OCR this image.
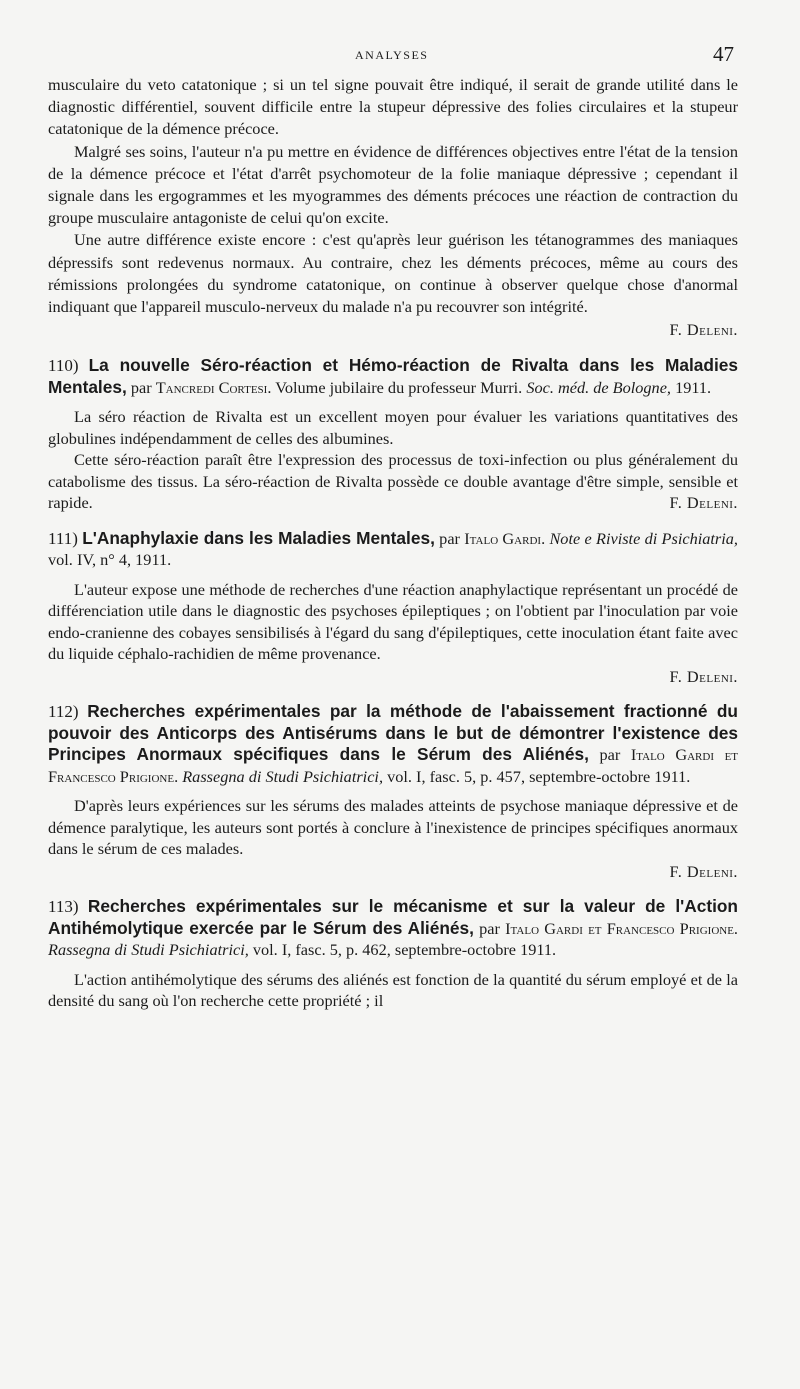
ANALYSES	47

musculaire du veto catatonique ; si un tel signe pouvait être indiqué, il serait de grande utilité dans le diagnostic différentiel, souvent difficile entre la stupeur dépressive des folies circulaires et la stupeur catatonique de la démence précoce.

Malgré ses soins, l'auteur n'a pu mettre en évidence de différences objectives entre l'état de la tension de la démence précoce et l'état d'arrêt psychomoteur de la folie maniaque dépressive ; cependant il signale dans les ergogrammes et les myogrammes des déments précoces une réaction de contraction du groupe musculaire antagoniste de celui qu'on excite.

Une autre différence existe encore : c'est qu'après leur guérison les tétanogrammes des maniaques dépressifs sont redevenus normaux. Au contraire, chez les déments précoces, même au cours des rémissions prolongées du syndrome catatonique, on continue à observer quelque chose d'anormal indiquant que l'appareil musculo-nerveux du malade n'a pu recouvrer son intégrité.

F. Deleni.

110) La nouvelle Séro-réaction et Hémo-réaction de Rivalta dans les Maladies Mentales, par Tancredi Cortesi. Volume jubilaire du professeur Murri. Soc. méd. de Bologne, 1911.

La séro réaction de Rivalta est un excellent moyen pour évaluer les variations quantitatives des globulines indépendamment de celles des albumines.

Cette séro-réaction paraît être l'expression des processus de toxi-infection ou plus généralement du catabolisme des tissus. La séro-réaction de Rivalta possède ce double avantage d'être simple, sensible et rapide.	F. Deleni.

111) L'Anaphylaxie dans les Maladies Mentales, par Italo Gardi. Note e Riviste di Psichiatria, vol. IV, n° 4, 1911.

L'auteur expose une méthode de recherches d'une réaction anaphylactique représentant un procédé de différenciation utile dans le diagnostic des psychoses épileptiques ; on l'obtient par l'inoculation par voie endo-cranienne des cobayes sensibilisés à l'égard du sang d'épileptiques, cette inoculation étant faite avec du liquide céphalo-rachidien de même provenance.

F. Deleni.

112) Recherches expérimentales par la méthode de l'abaissement fractionné du pouvoir des Anticorps des Antisérums dans le but de démontrer l'existence des Principes Anormaux spécifiques dans le Sérum des Aliénés, par Italo Gardi et Francesco Prigione. Rassegna di Studi Psichiatrici, vol. I, fasc. 5, p. 457, septembre-octobre 1911.

D'après leurs expériences sur les sérums des malades atteints de psychose maniaque dépressive et de démence paralytique, les auteurs sont portés à conclure à l'inexistence de principes spécifiques anormaux dans le sérum de ces malades.

F. Deleni.

113) Recherches expérimentales sur le mécanisme et sur la valeur de l'Action Antihémolytique exercée par le Sérum des Aliénés, par Italo Gardi et Francesco Prigione. Rassegna di Studi Psichiatrici, vol. I, fasc. 5, p. 462, septembre-octobre 1911.

L'action antihémolytique des sérums des aliénés est fonction de la quantité du sérum employé et de la densité du sang où l'on recherche cette propriété ; il
